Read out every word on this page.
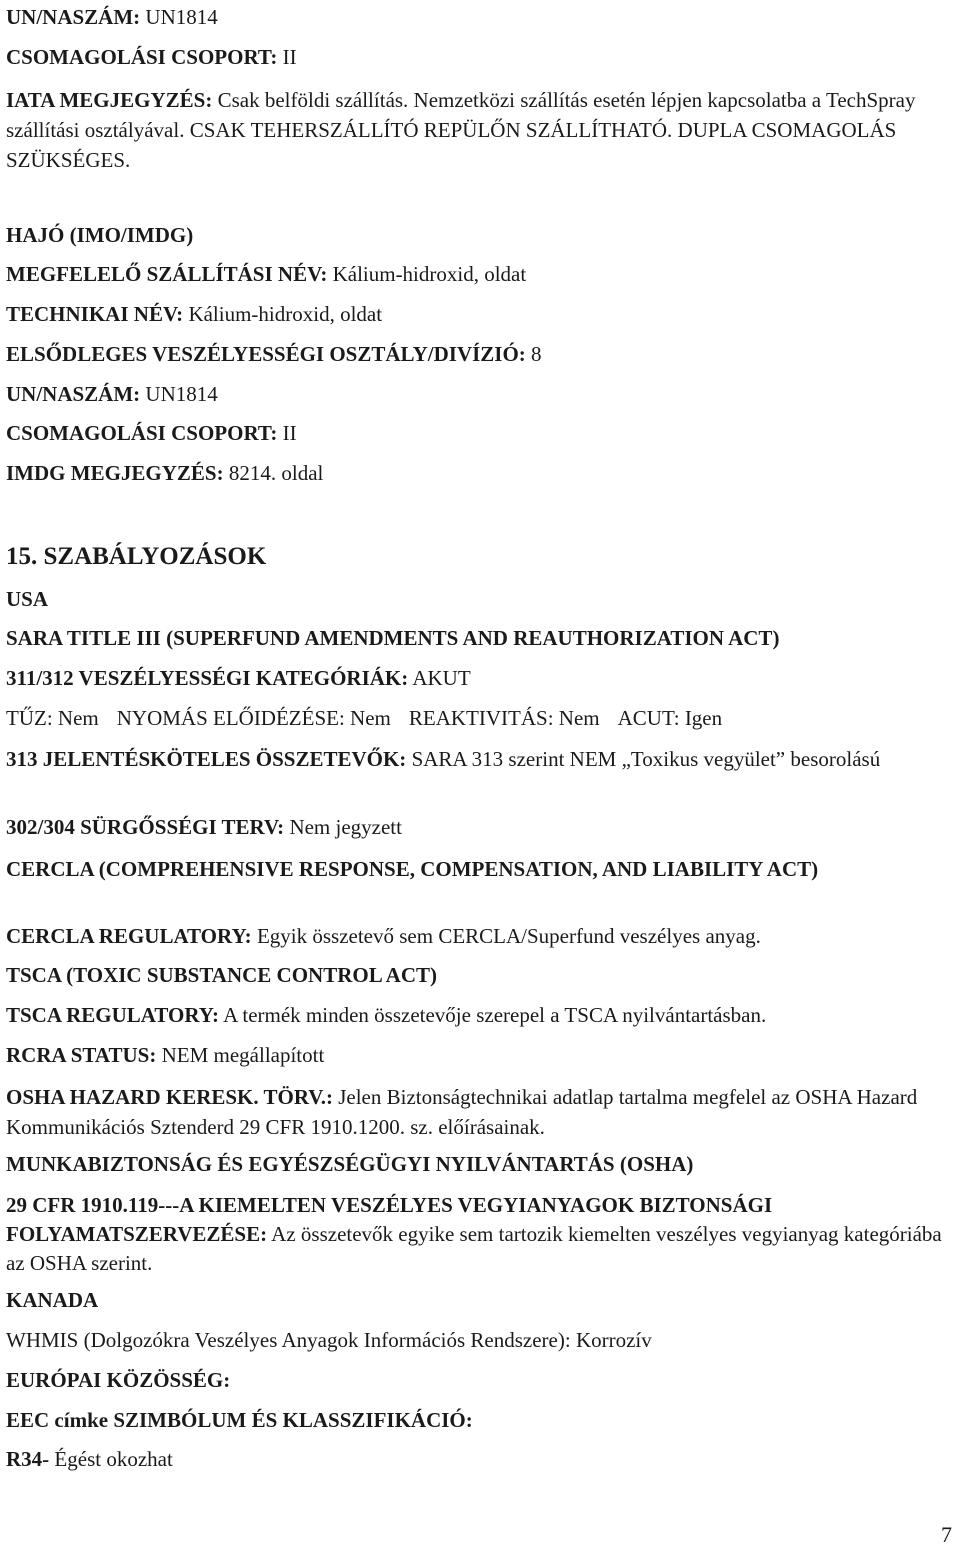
UN/NASZÁM: UN1814
CSOMAGOLÁSI CSOPORT: II
IATA MEGJEGYZÉS: Csak belföldi szállítás. Nemzetközi szállítás esetén lépjen kapcsolatba a TechSpray szállítási osztályával. CSAK TEHERSZÁLLÍTÓ REPÜLŐN SZÁLLÍTHATÓ. DUPLA CSOMAGOLÁS SZÜKSÉGES.
HAJÓ (IMO/IMDG)
MEGFELELŐ SZÁLLÍTÁSI NÉV: Kálium-hidroxid, oldat
TECHNIKAI NÉV: Kálium-hidroxid, oldat
ELSŐDLEGES VESZÉLYESSÉGI OSZTÁLY/DIVÍZIÓ: 8
UN/NASZÁM: UN1814
CSOMAGOLÁSI CSOPORT: II
IMDG MEGJEGYZÉS: 8214. oldal
15. SZABÁLYOZÁSOK
USA
SARA TITLE III (SUPERFUND AMENDMENTS AND REAUTHORIZATION ACT)
311/312 VESZÉLYESSÉGI KATEGÓRIÁK: AKUT
TŰZ: Nem NYOMÁS ELŐIDÉZÉSE: Nem REAKTIVITÁS: Nem ACUT: Igen
313 JELENTÉSKÖTELES ÖSSZETEVŐK: SARA 313 szerint NEM „Toxikus vegyület” besorolású
302/304 SÜRGŐSSÉGI TERV: Nem jegyzett
CERCLA (COMPREHENSIVE RESPONSE, COMPENSATION, AND LIABILITY ACT)
CERCLA REGULATORY: Egyik összetevő sem CERCLA/Superfund veszélyes anyag.
TSCA (TOXIC SUBSTANCE CONTROL ACT)
TSCA REGULATORY: A termék minden összetevője szerepel a TSCA nyilvántartásban.
RCRA STATUS: NEM megállapított
OSHA HAZARD KERESK. TÖRV.: Jelen Biztonságtechnikai adatlap tartalma megfelel az OSHA Hazard Kommunikációs Sztenderd 29 CFR 1910.1200. sz. előírásainak.
MUNKABIZTONSÁG ÉS EGYÉSZSÉGÜGYI NYILVÁNTARTÁS (OSHA)
29 CFR 1910.119---A KIEMELTEN VESZÉLYES VEGYIANYAGOK BIZTONSÁGI FOLYAMATSZERVEZÉSE: Az összetevők egyike sem tartozik kiemelten veszélyes vegyianyag kategóriába az OSHA szerint.
KANADA
WHMIS (Dolgozókra Veszélyes Anyagok Információs Rendszere): Korrozív
EURÓPAI KÖZÖSSÉG:
EEC címke SZIMBÓLUM ÉS KLASSZIFIKÁCIÓ:
R34- Égést okozhat
7
